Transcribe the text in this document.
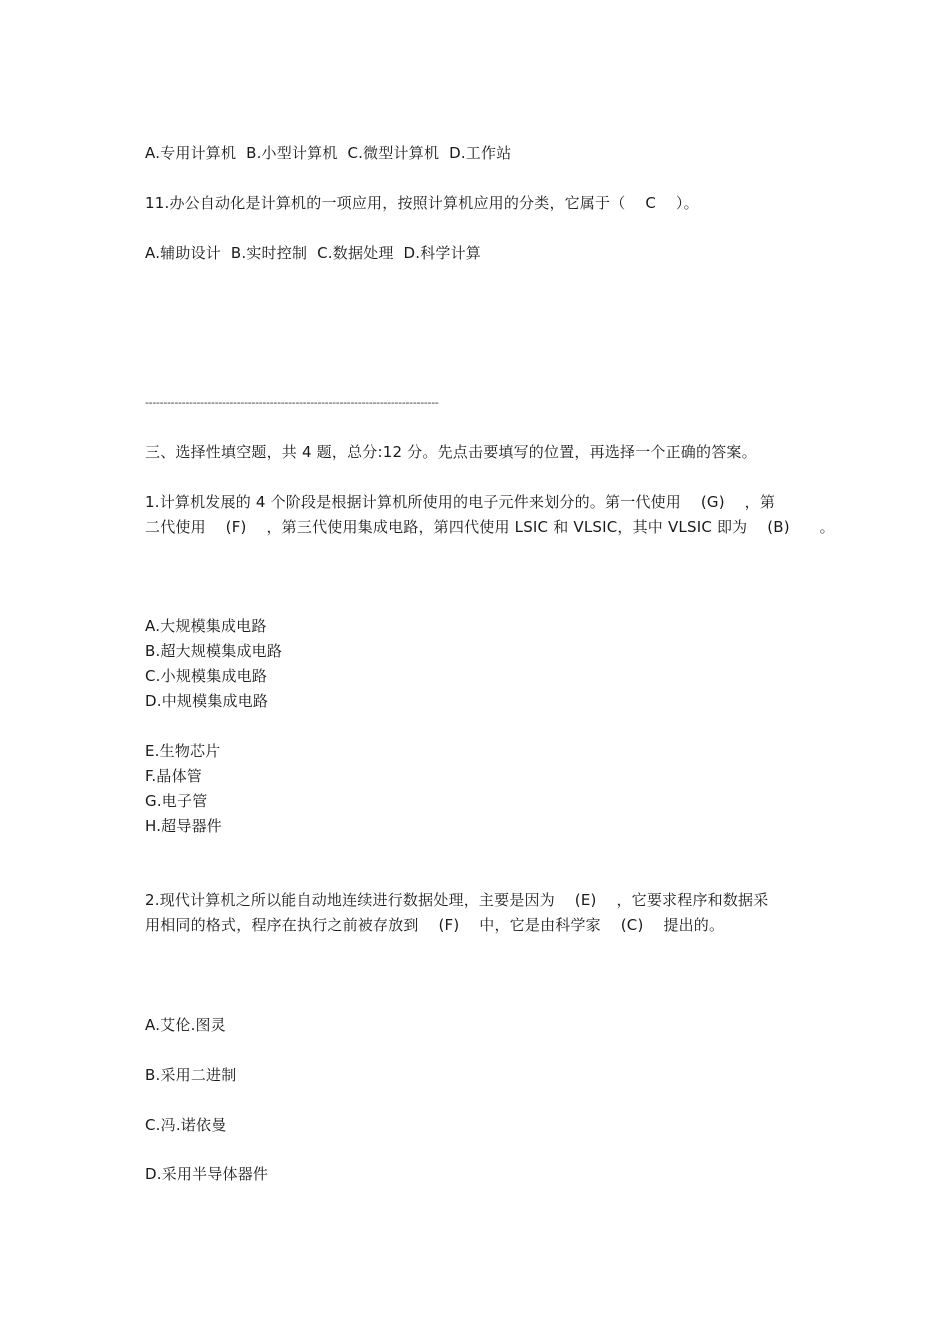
A.专用计算机  B.小型计算机  C.微型计算机  D.工作站
11.办公自动化是计算机的一项应用，按照计算机应用的分类，它属于（    C    ）。
A.辅助设计  B.实时控制  C.数据处理  D.科学计算
--------------------------------------------------------------------------------
三、选择性填空题，共 4 题，总分:12 分。先点击要填写的位置，再选择一个正确的答案。
1.计算机发展的 4 个阶段是根据计算机所使用的电子元件来划分的。第一代使用    (G)    ，第
二代使用    (F)    ，第三代使用集成电路，第四代使用 LSIC 和 VLSIC，其中 VLSIC 即为    (B)      。
A.大规模集成电路
B.超大规模集成电路
C.小规模集成电路
D.中规模集成电路
E.生物芯片
F.晶体管
G.电子管
H.超导器件
2.现代计算机之所以能自动地连续进行数据处理，主要是因为    (E)    ，它要求程序和数据采
用相同的格式，程序在执行之前被存放到    (F)    中，它是由科学家    (C)    提出的。
A.艾伦.图灵
B.采用二进制
C.冯.诺依曼
D.采用半导体器件
